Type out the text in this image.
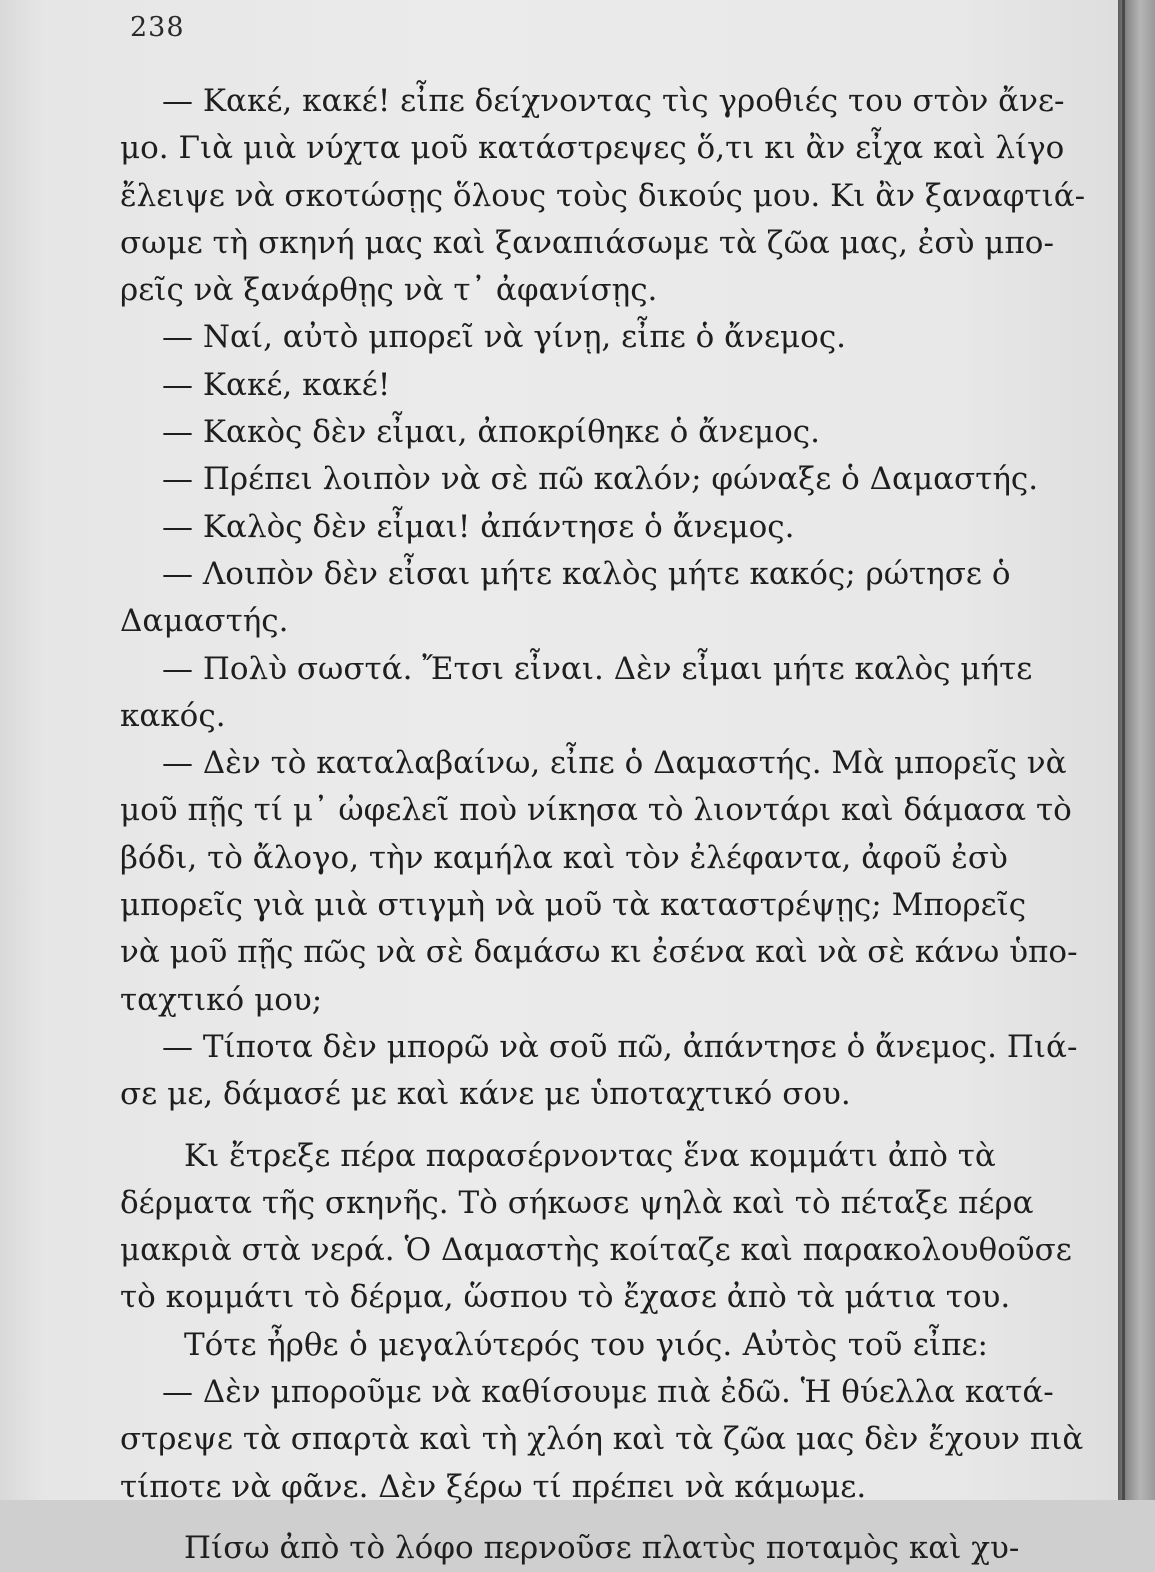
238
— Κακέ, κακέ! εἶπε δείχνοντας τὶς γροθιές του στὸν ἄνε-
μο. Γιὰ μιὰ νύχτα μοῦ κατάστρεψες ὅ,τι κι ἂν εἶχα καὶ λίγο
ἔλειψε νὰ σκοτώσῃς ὅλους τοὺς δικούς μου. Κι ἂν ξαναφτιά-
σωμε τὴ σκηνή μας καὶ ξαναπιάσωμε τὰ ζῶα μας, ἐσὺ μπο-
ρεῖς νὰ ξανάρθῃς νὰ τ᾽ ἀφανίσῃς.
— Ναί, αὐτὸ μπορεῖ νὰ γίνῃ, εἶπε ὁ ἄνεμος.
— Κακέ, κακέ!
— Κακὸς δὲν εἶμαι, ἀποκρίθηκε ὁ ἄνεμος.
— Πρέπει λοιπὸν νὰ σὲ πῶ καλόν; φώναξε ὁ Δαμαστής.
— Καλὸς δὲν εἶμαι! ἀπάντησε ὁ ἄνεμος.
— Λοιπὸν δὲν εἶσαι μήτε καλὸς μήτε κακός; ρώτησε ὁ
Δαμαστής.
— Πολὺ σωστά. Ἔτσι εἶναι. Δὲν εἶμαι μήτε καλὸς μήτε
κακός.
— Δὲν τὸ καταλαβαίνω, εἶπε ὁ Δαμαστής. Μὰ μπορεῖς νὰ
μοῦ πῇς τί μ᾽ ὠφελεῖ ποὺ νίκησα τὸ λιοντάρι καὶ δάμασα τὸ
βόδι, τὸ ἄλογο, τὴν καμήλα καὶ τὸν ἐλέφαντα, ἀφοῦ ἐσὺ
μπορεῖς γιὰ μιὰ στιγμὴ νὰ μοῦ τὰ καταστρέψῃς; Μπορεῖς
νὰ μοῦ πῇς πῶς νὰ σὲ δαμάσω κι ἐσένα καὶ νὰ σὲ κάνω ὑπο-
ταχτικό μου;
— Τίποτα δὲν μπορῶ νὰ σοῦ πῶ, ἀπάντησε ὁ ἄνεμος. Πιά-
σε με, δάμασέ με καὶ κάνε με ὑποταχτικό σου.
Κι ἔτρεξε πέρα παρασέρνοντας ἕνα κομμάτι ἀπὸ τὰ
δέρματα τῆς σκηνῆς. Τὸ σήκωσε ψηλὰ καὶ τὸ πέταξε πέρα
μακριὰ στὰ νερά. Ὁ Δαμαστὴς κοίταζε καὶ παρακολουθοῦσε
τὸ κομμάτι τὸ δέρμα, ὥσπου τὸ ἔχασε ἀπὸ τὰ μάτια του.
Τότε ἦρθε ὁ μεγαλύτερός του γιός. Αὐτὸς τοῦ εἶπε:
— Δὲν μποροῦμε νὰ καθίσουμε πιὰ ἐδῶ. Ἡ θύελλα κατά-
στρεψε τὰ σπαρτὰ καὶ τὴ χλόη καὶ τὰ ζῶα μας δὲν ἔχουν πιὰ
τίποτε νὰ φᾶνε. Δὲν ξέρω τί πρέπει νὰ κάμωμε.
Πίσω ἀπὸ τὸ λόφο περνοῦσε πλατὺς ποταμὸς καὶ χυ-
